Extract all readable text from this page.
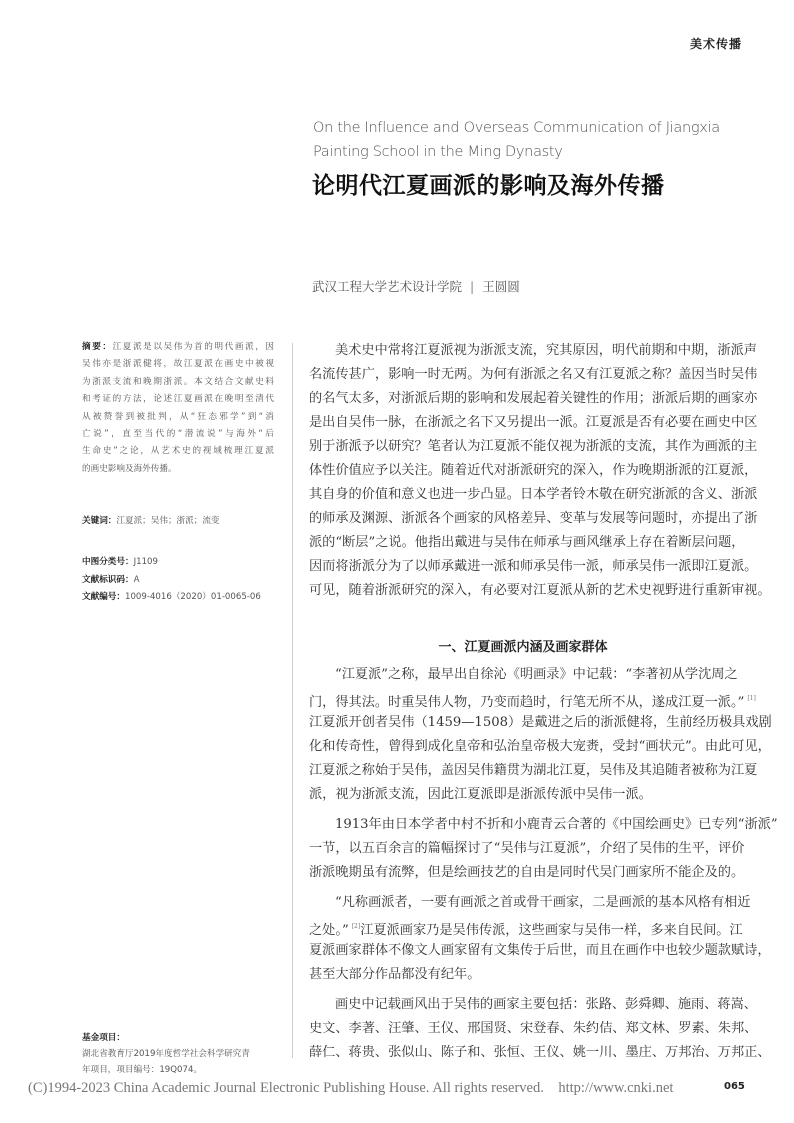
美术传播
On the Influence and Overseas Communication of Jiangxia Painting School in the Ming Dynasty
论明代江夏画派的影响及海外传播
武汉工程大学艺术设计学院 | 王圆圆
摘要：江夏派是以吴伟为首的明代画派，因
吴伟亦是浙派健将，故江夏派在画史中被视
为浙派支流和晚期浙派。本文结合文献史料
和考证的方法，论述江夏画派在晚明至清代
从被赞誉到被批判，从“狂态邪学”到“消
亡说”，直至当代的“潜流说”与海外“后
生命史”之论，从艺术史的视域梳理江夏派
的画史影响及海外传播。
关键词：江夏派；吴伟；浙派；流变
中图分类号：J1109
文献标识码：A
文献编号：1009-4016（2020）01-0065-06
基金项目：
湖北省教育厅2019年度哲学社会科学研究青
年项目，项目编号：19Q074。
美术史中常将江夏派视为浙派支流，究其原因，明代前期和中期，浙派声
名流传甚广，影响一时无两。为何有浙派之名又有江夏派之称？盖因当时吴伟
的名气太多，对浙派后期的影响和发展起着关键性的作用；浙派后期的画家亦
是出自吴伟一脉，在浙派之名下又另提出一派。江夏派是否有必要在画史中区
别于浙派予以研究？笔者认为江夏派不能仅视为浙派的支流，其作为画派的主
体性价值应予以关注。随着近代对浙派研究的深入，作为晚期浙派的江夏派，
其自身的价值和意义也进一步凸显。日本学者铃木敬在研究浙派的含义、浙派
的师承及渊源、浙派各个画家的风格差异、变革与发展等问题时，亦提出了浙
派的“断层”之说。他指出戴进与吴伟在师承与画风继承上存在着断层问题，
因而将浙派分为了以师承戴进一派和师承吴伟一派，师承吴伟一派即江夏派。
可见，随着浙派研究的深入，有必要对江夏派从新的艺术史视野进行重新审视。
一、江夏画派内涵及画家群体
“江夏派”之称，最早出自徐沁《明画录》中记载：“李著初从学沈周之
门，得其法。时重吴伟人物，乃变而趋时，行笔无所不从，遂成江夏一派。” [1]
江夏派开创者吴伟（1459—1508）是戴进之后的浙派健将，生前经历极具戏剧
化和传奇性，曾得到成化皇帝和弘治皇帝极大宠赉，受封“画状元”。由此可见，
江夏派之称始于吴伟，盖因吴伟籍贯为湖北江夏，吴伟及其追随者被称为江夏
派，视为浙派支流，因此江夏派即是浙派传派中吴伟一派。
1913年由日本学者中村不折和小鹿青云合著的《中国绘画史》已专列“浙派”
一节，以五百余言的篇幅探讨了“吴伟与江夏派”，介绍了吴伟的生平，评价
浙派晚期虽有流弊，但是绘画技艺的自由是同时代吴门画家所不能企及的。
“凡称画派者，一要有画派之首或骨干画家，二是画派的基本风格有相近
之处。” [2]江夏派画家乃是吴伟传派，这些画家与吴伟一样，多来自民间。江
夏派画家群体不像文人画家留有文集传于后世，而且在画作中也较少题款赋诗，
甚至大部分作品都没有纪年。
画史中记载画风出于吴伟的画家主要包括：张路、彭舜卿、施雨、蒋嵩、
史文、李著、汪肇、王仪、邢国贤、宋登春、朱约佶、郑文林、罗素、朱邦、
薛仁、蒋贵、张似山、陈子和、张恒、王仪、姚一川、墨庄、万邦治、万邦正、
(C)1994-2023 China Academic Journal Electronic Publishing House. All rights reserved.    http://www.cnki.net	065
